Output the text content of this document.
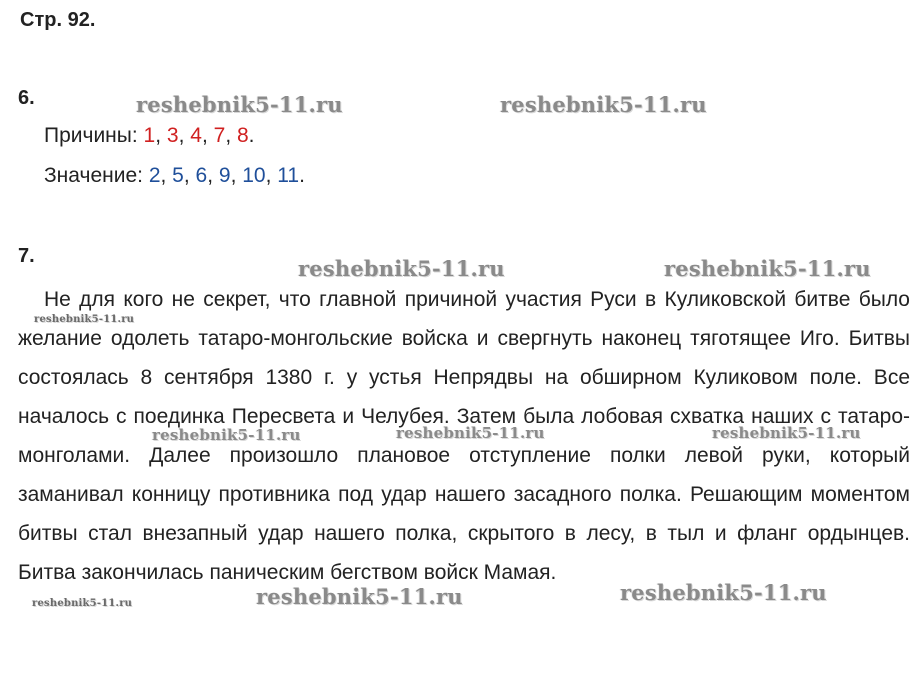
Стр. 92.
6.
Причины: 1, 3, 4, 7, 8.
Значение: 2, 5, 6, 9, 10, 11.
7.

Не для кого не секрет, что главной причиной участия Руси в Куликовской битве было желание одолеть татаро-монгольские войска и свергнуть наконец тяготящее Иго. Битвы состоялась 8 сентября 1380 г. у устья Непрядвы на обширном Куликовом поле. Все началось с поединка Пересвета и Челубея. Затем была лобовая схватка наших с татаро-монголами. Далее произошло плановое отступление полки левой руки, который заманивал конницу противника под удар нашего засадного полка. Решающим моментом битвы стал внезапный удар нашего полка, скрытого в лесу, в тыл и фланг ордынцев. Битва закончилась паническим бегством войск Мамая.

reshebnik5-11.ru	reshebnik5-11.ru
reshebnik5-11.ru	reshebnik5-11.ru
reshebnik5-11.ru
reshebnik5-11.ru	reshebnik5-11.ru	reshebnik5-11.ru
reshebnik5-11.ru	reshebnik5-11.ru	reshebnik5-11.ru
